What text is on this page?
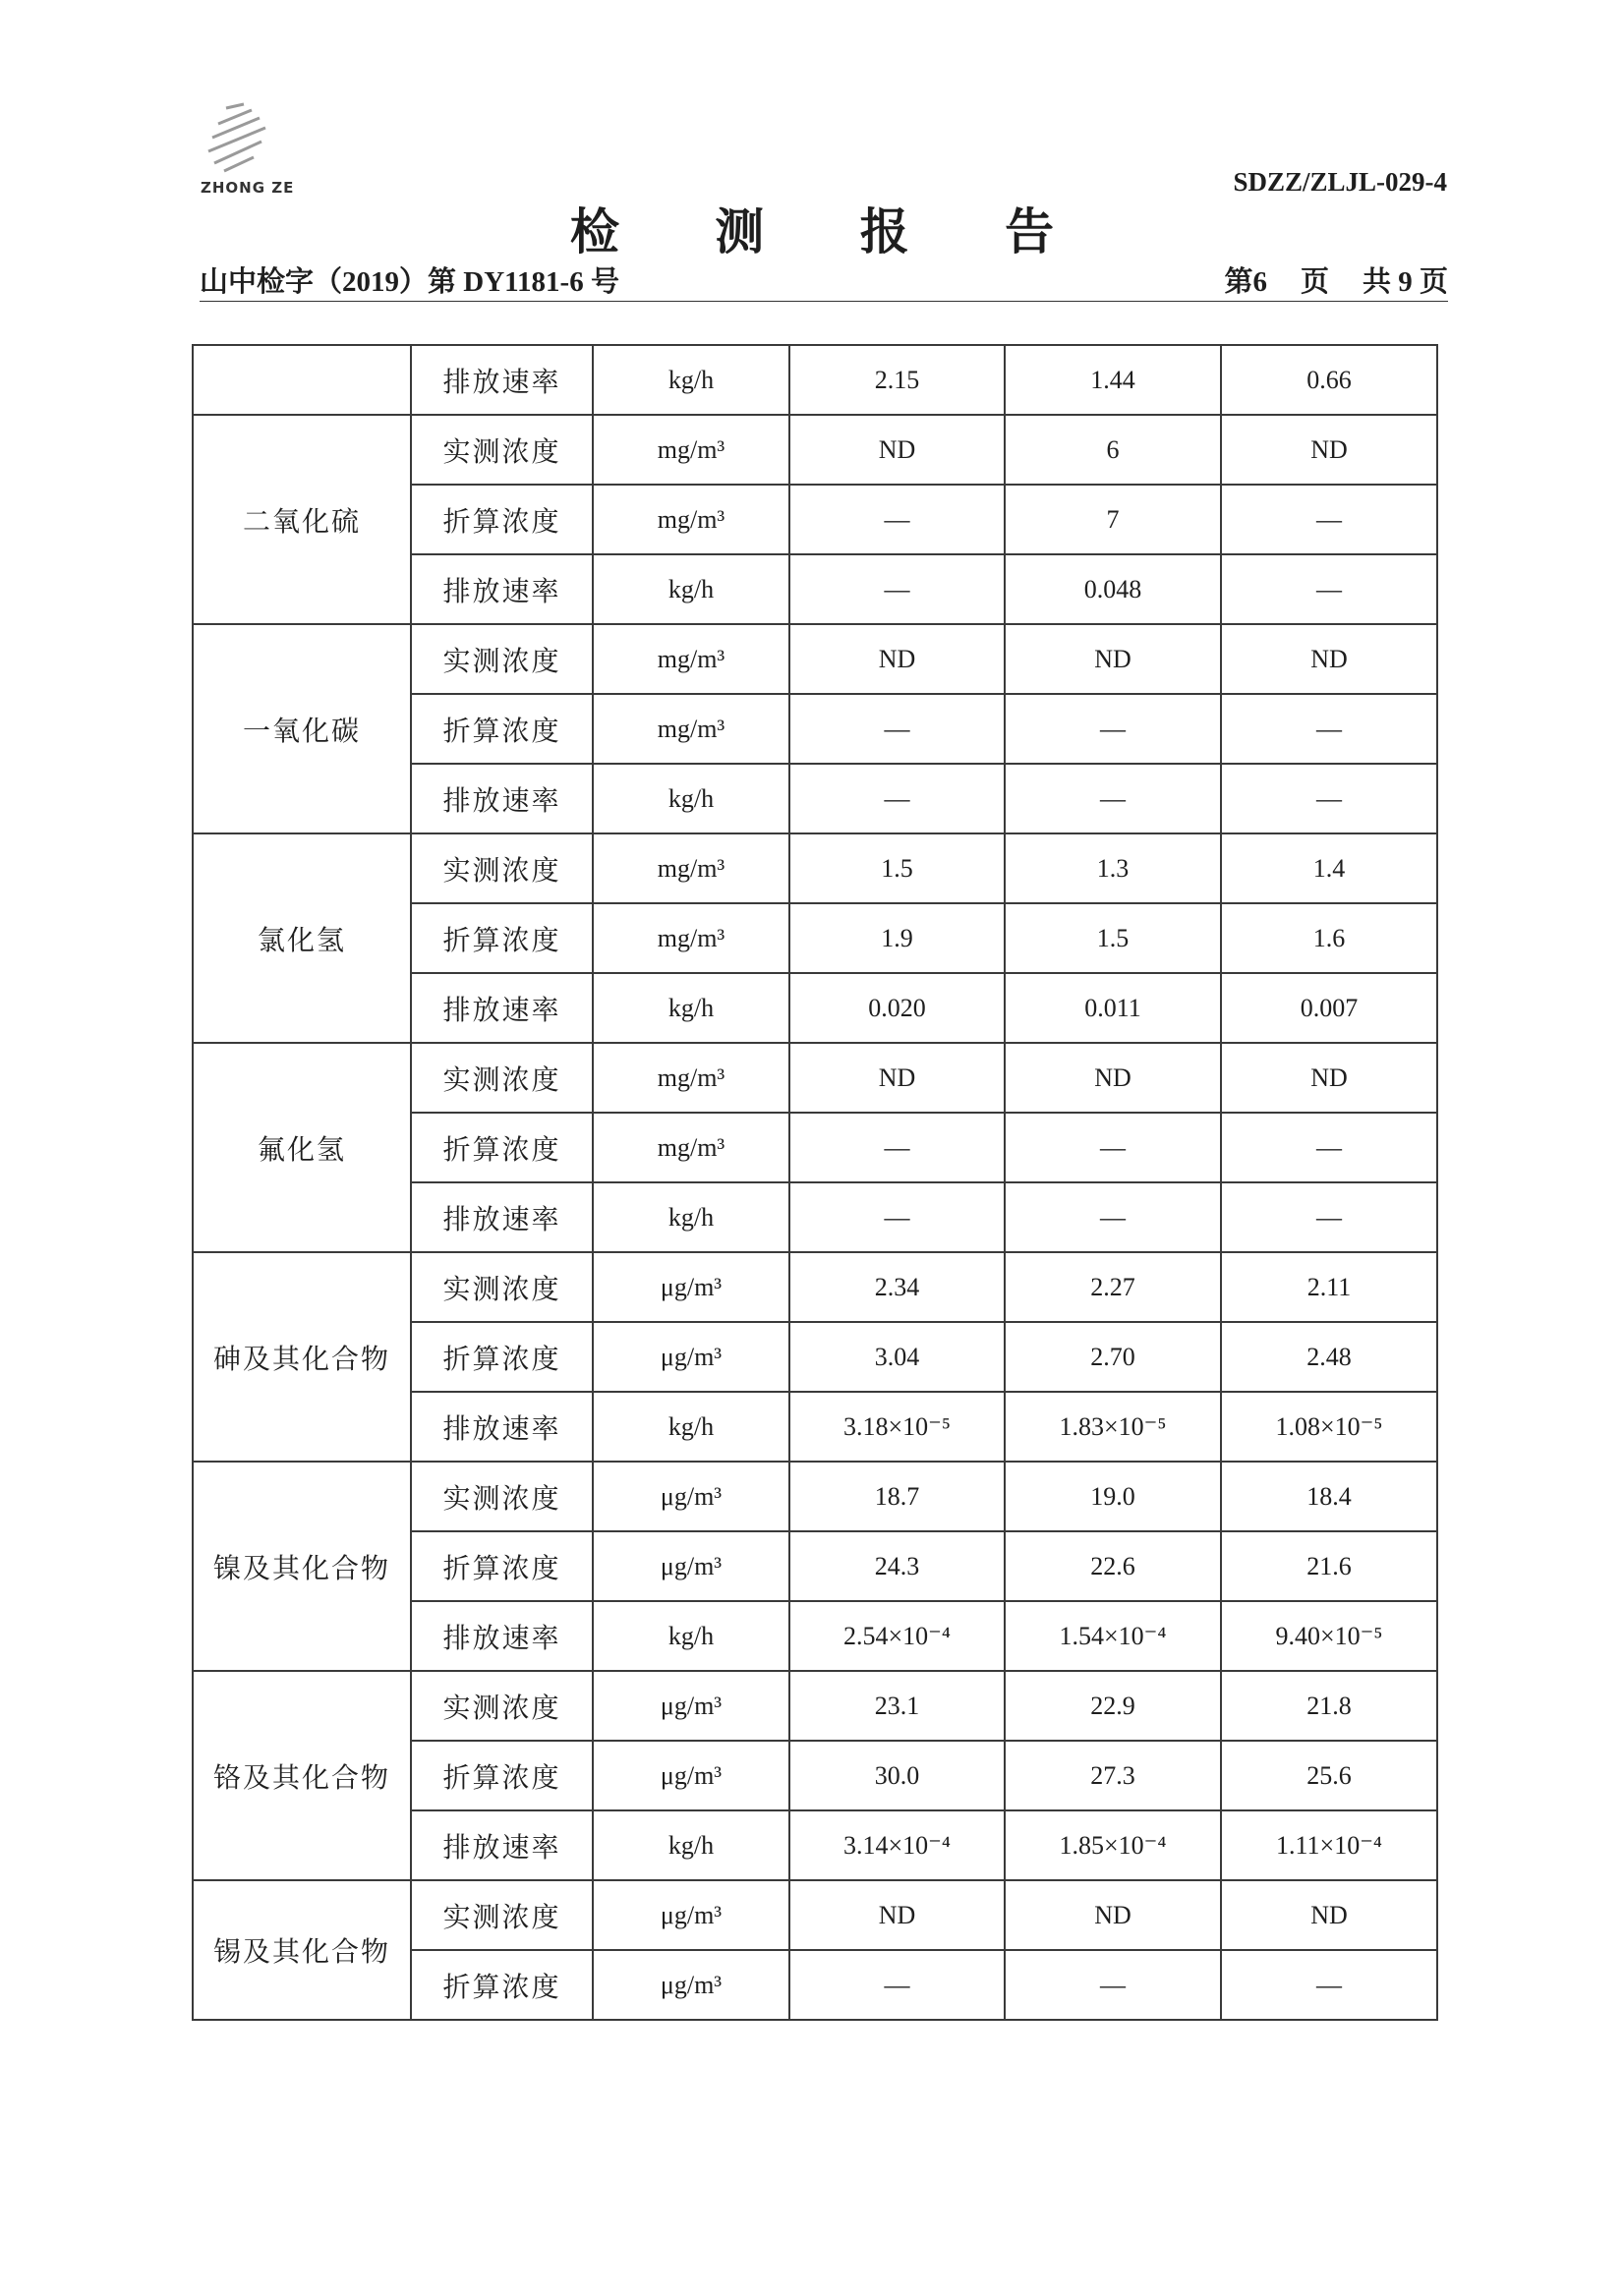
ZHONG ZE	SDZZ/ZLJL-029-4
检 测 报 告
山中检字（2019）第 DY1181-6 号	第6 页 共 9 页
	排放速率	kg/h	2.15	1.44	0.66
二氧化硫	实测浓度	mg/m³	ND	6	ND
	折算浓度	mg/m³	—	7	—
	排放速率	kg/h	—	0.048	—
一氧化碳	实测浓度	mg/m³	ND	ND	ND
	折算浓度	mg/m³	—	—	—
	排放速率	kg/h	—	—	—
氯化氢	实测浓度	mg/m³	1.5	1.3	1.4
	折算浓度	mg/m³	1.9	1.5	1.6
	排放速率	kg/h	0.020	0.011	0.007
氟化氢	实测浓度	mg/m³	ND	ND	ND
	折算浓度	mg/m³	—	—	—
	排放速率	kg/h	—	—	—
砷及其化合物	实测浓度	μg/m³	2.34	2.27	2.11
	折算浓度	μg/m³	3.04	2.70	2.48
	排放速率	kg/h	3.18×10⁻⁵	1.83×10⁻⁵	1.08×10⁻⁵
镍及其化合物	实测浓度	μg/m³	18.7	19.0	18.4
	折算浓度	μg/m³	24.3	22.6	21.6
	排放速率	kg/h	2.54×10⁻⁴	1.54×10⁻⁴	9.40×10⁻⁵
铬及其化合物	实测浓度	μg/m³	23.1	22.9	21.8
	折算浓度	μg/m³	30.0	27.3	25.6
	排放速率	kg/h	3.14×10⁻⁴	1.85×10⁻⁴	1.11×10⁻⁴
锡及其化合物	实测浓度	μg/m³	ND	ND	ND
	折算浓度	μg/m³	—	—	—
